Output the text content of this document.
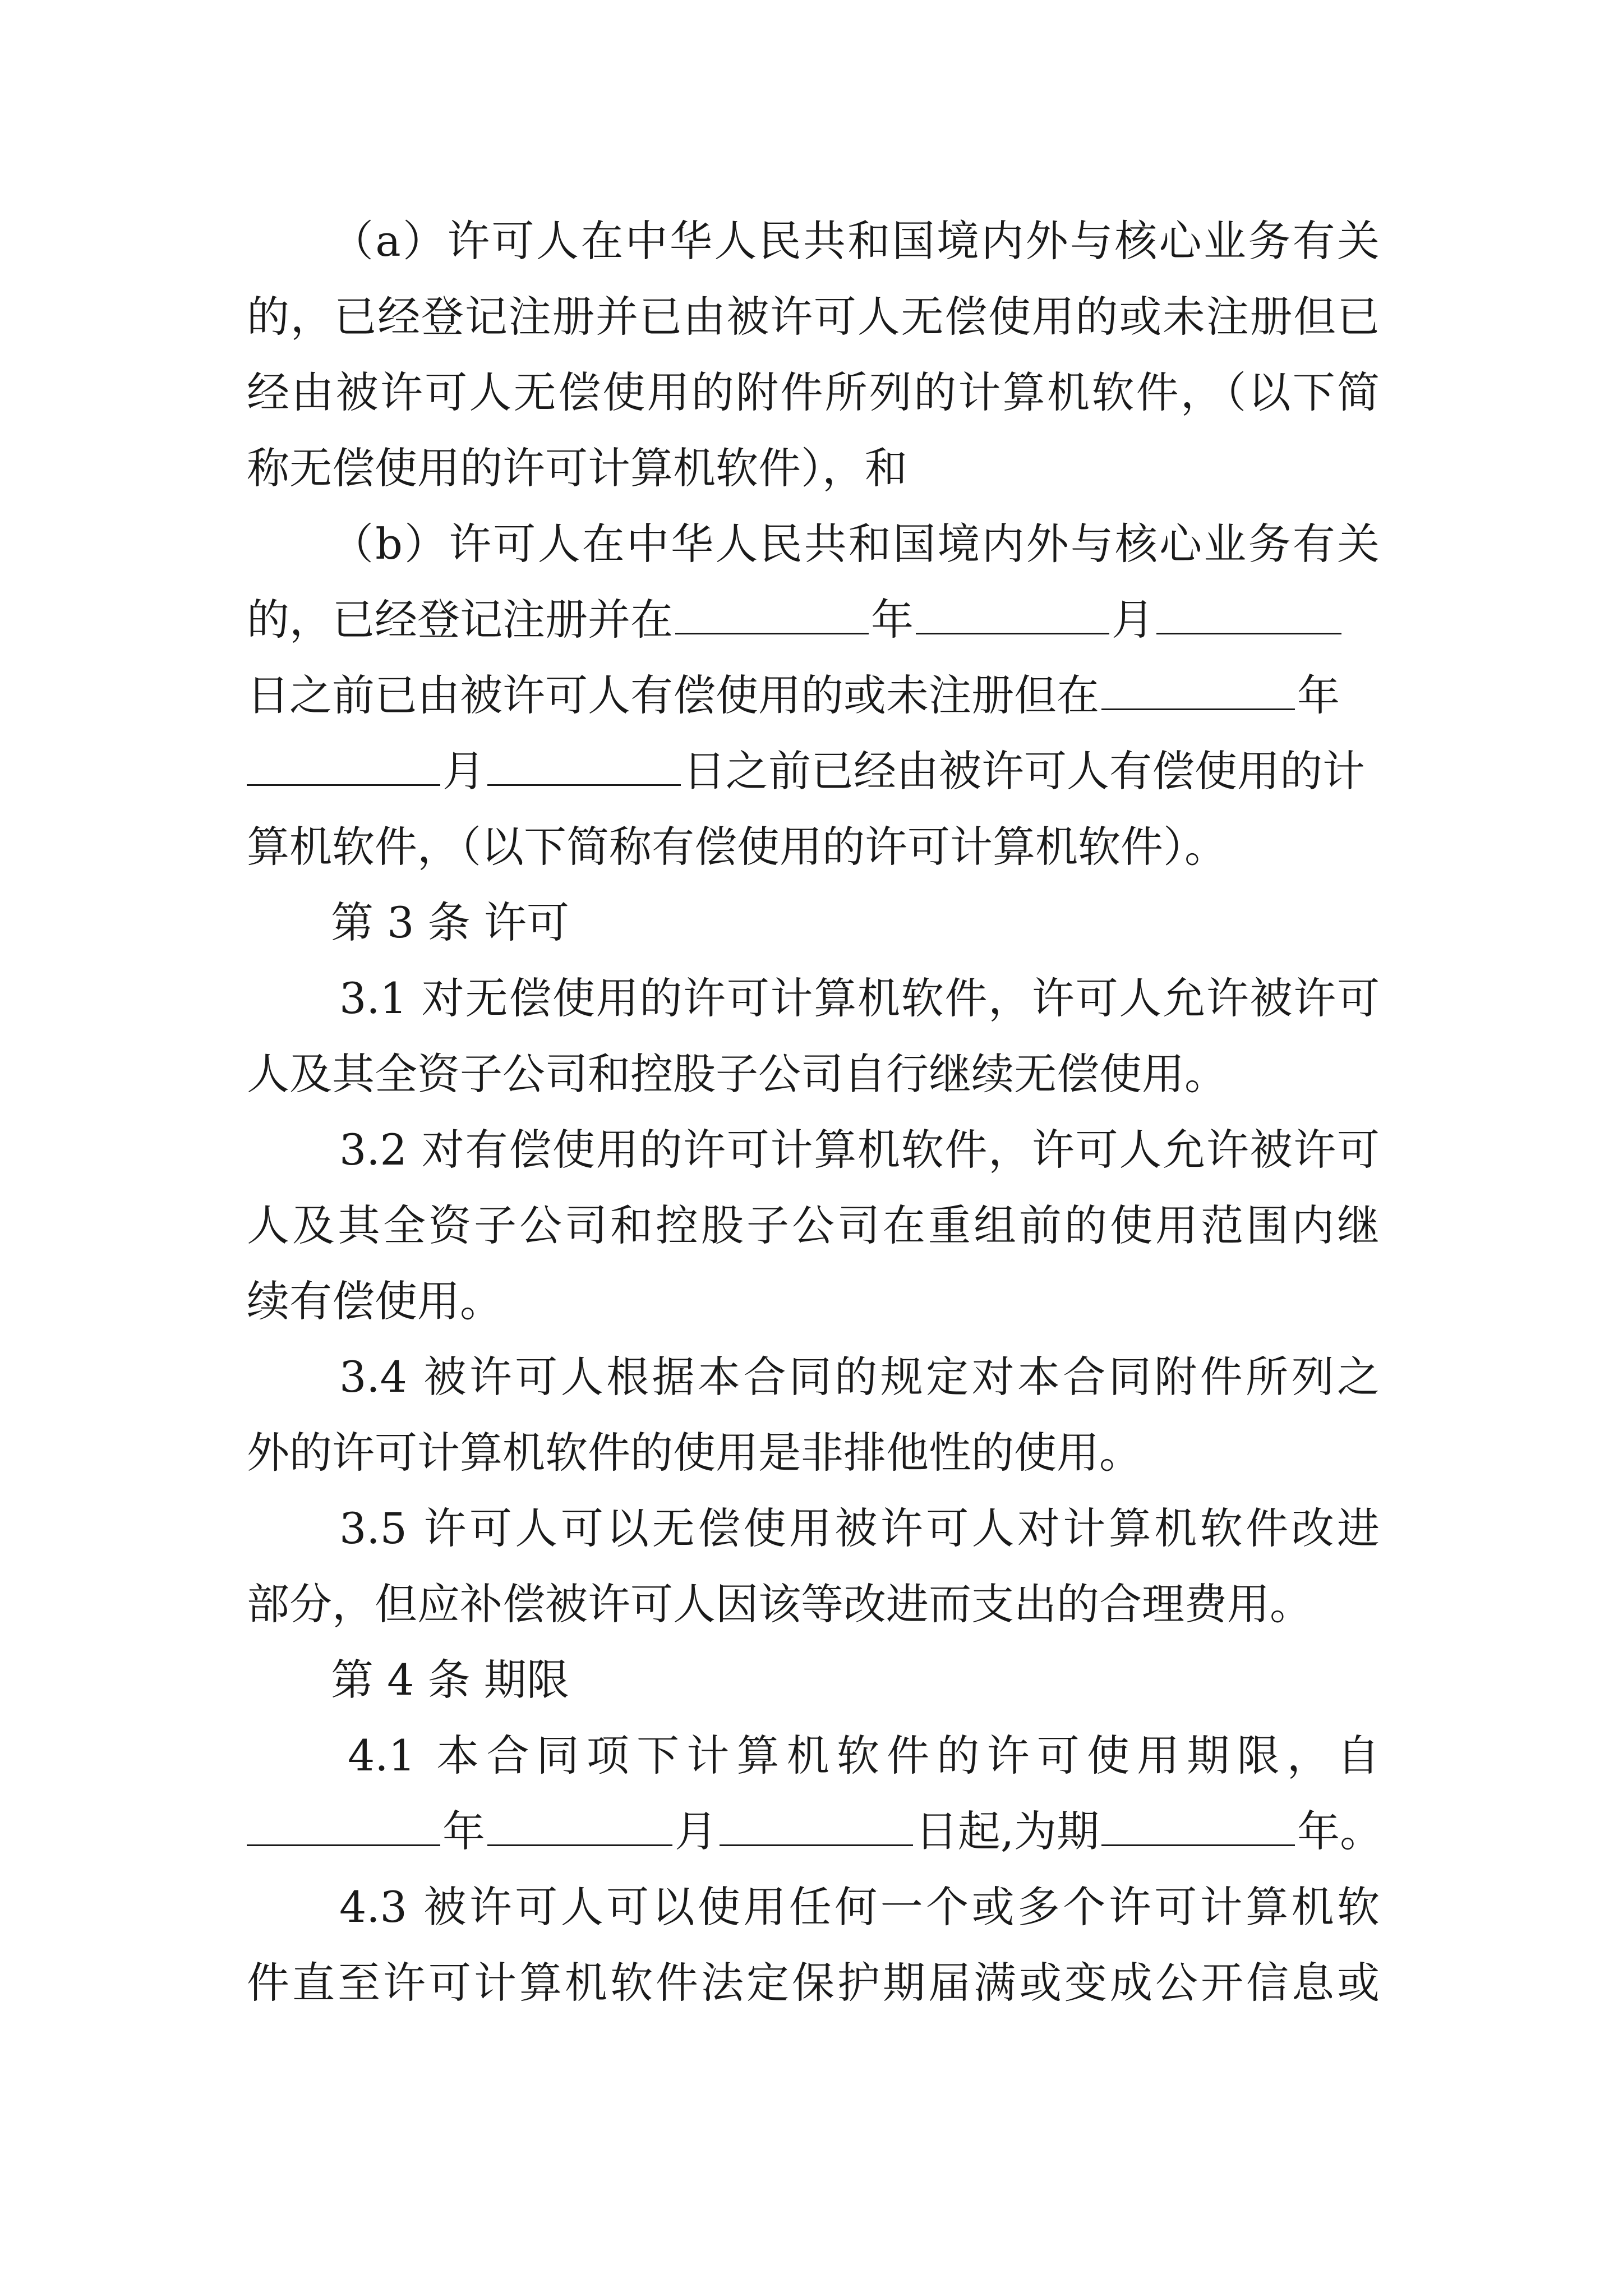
（a）许可人在中华人民共和国境内外与核心业务有关
的，已经登记注册并已由被许可人无偿使用的或未注册但已
经由被许可人无偿使用的附件所列的计算机软件，（以下简
称无偿使用的许可计算机软件），和
（b）许可人在中华人民共和国境内外与核心业务有关
的，已经登记注册并在	年	月
日之前已由被许可人有偿使用的或未注册但在	年
月	日之前已经由被许可人有偿使用的计
算机软件，（以下简称有偿使用的许可计算机软件）。
第 3 条 许可
3.1 对无偿使用的许可计算机软件，许可人允许被许可
人及其全资子公司和控股子公司自行继续无偿使用。
3.2 对有偿使用的许可计算机软件，许可人允许被许可
人及其全资子公司和控股子公司在重组前的使用范围内继
续有偿使用。
3.4 被许可人根据本合同的规定对本合同附件所列之
外的许可计算机软件的使用是非排他性的使用。
3.5 许可人可以无偿使用被许可人对计算机软件改进
部分，但应补偿被许可人因该等改进而支出的合理费用。
第 4 条 期限
4.1 本合同项下计算机软件的许可使用期限，自
年	月	日起,为期	年。
4.3 被许可人可以使用任何一个或多个许可计算机软
件直至许可计算机软件法定保护期届满或变成公开信息或
